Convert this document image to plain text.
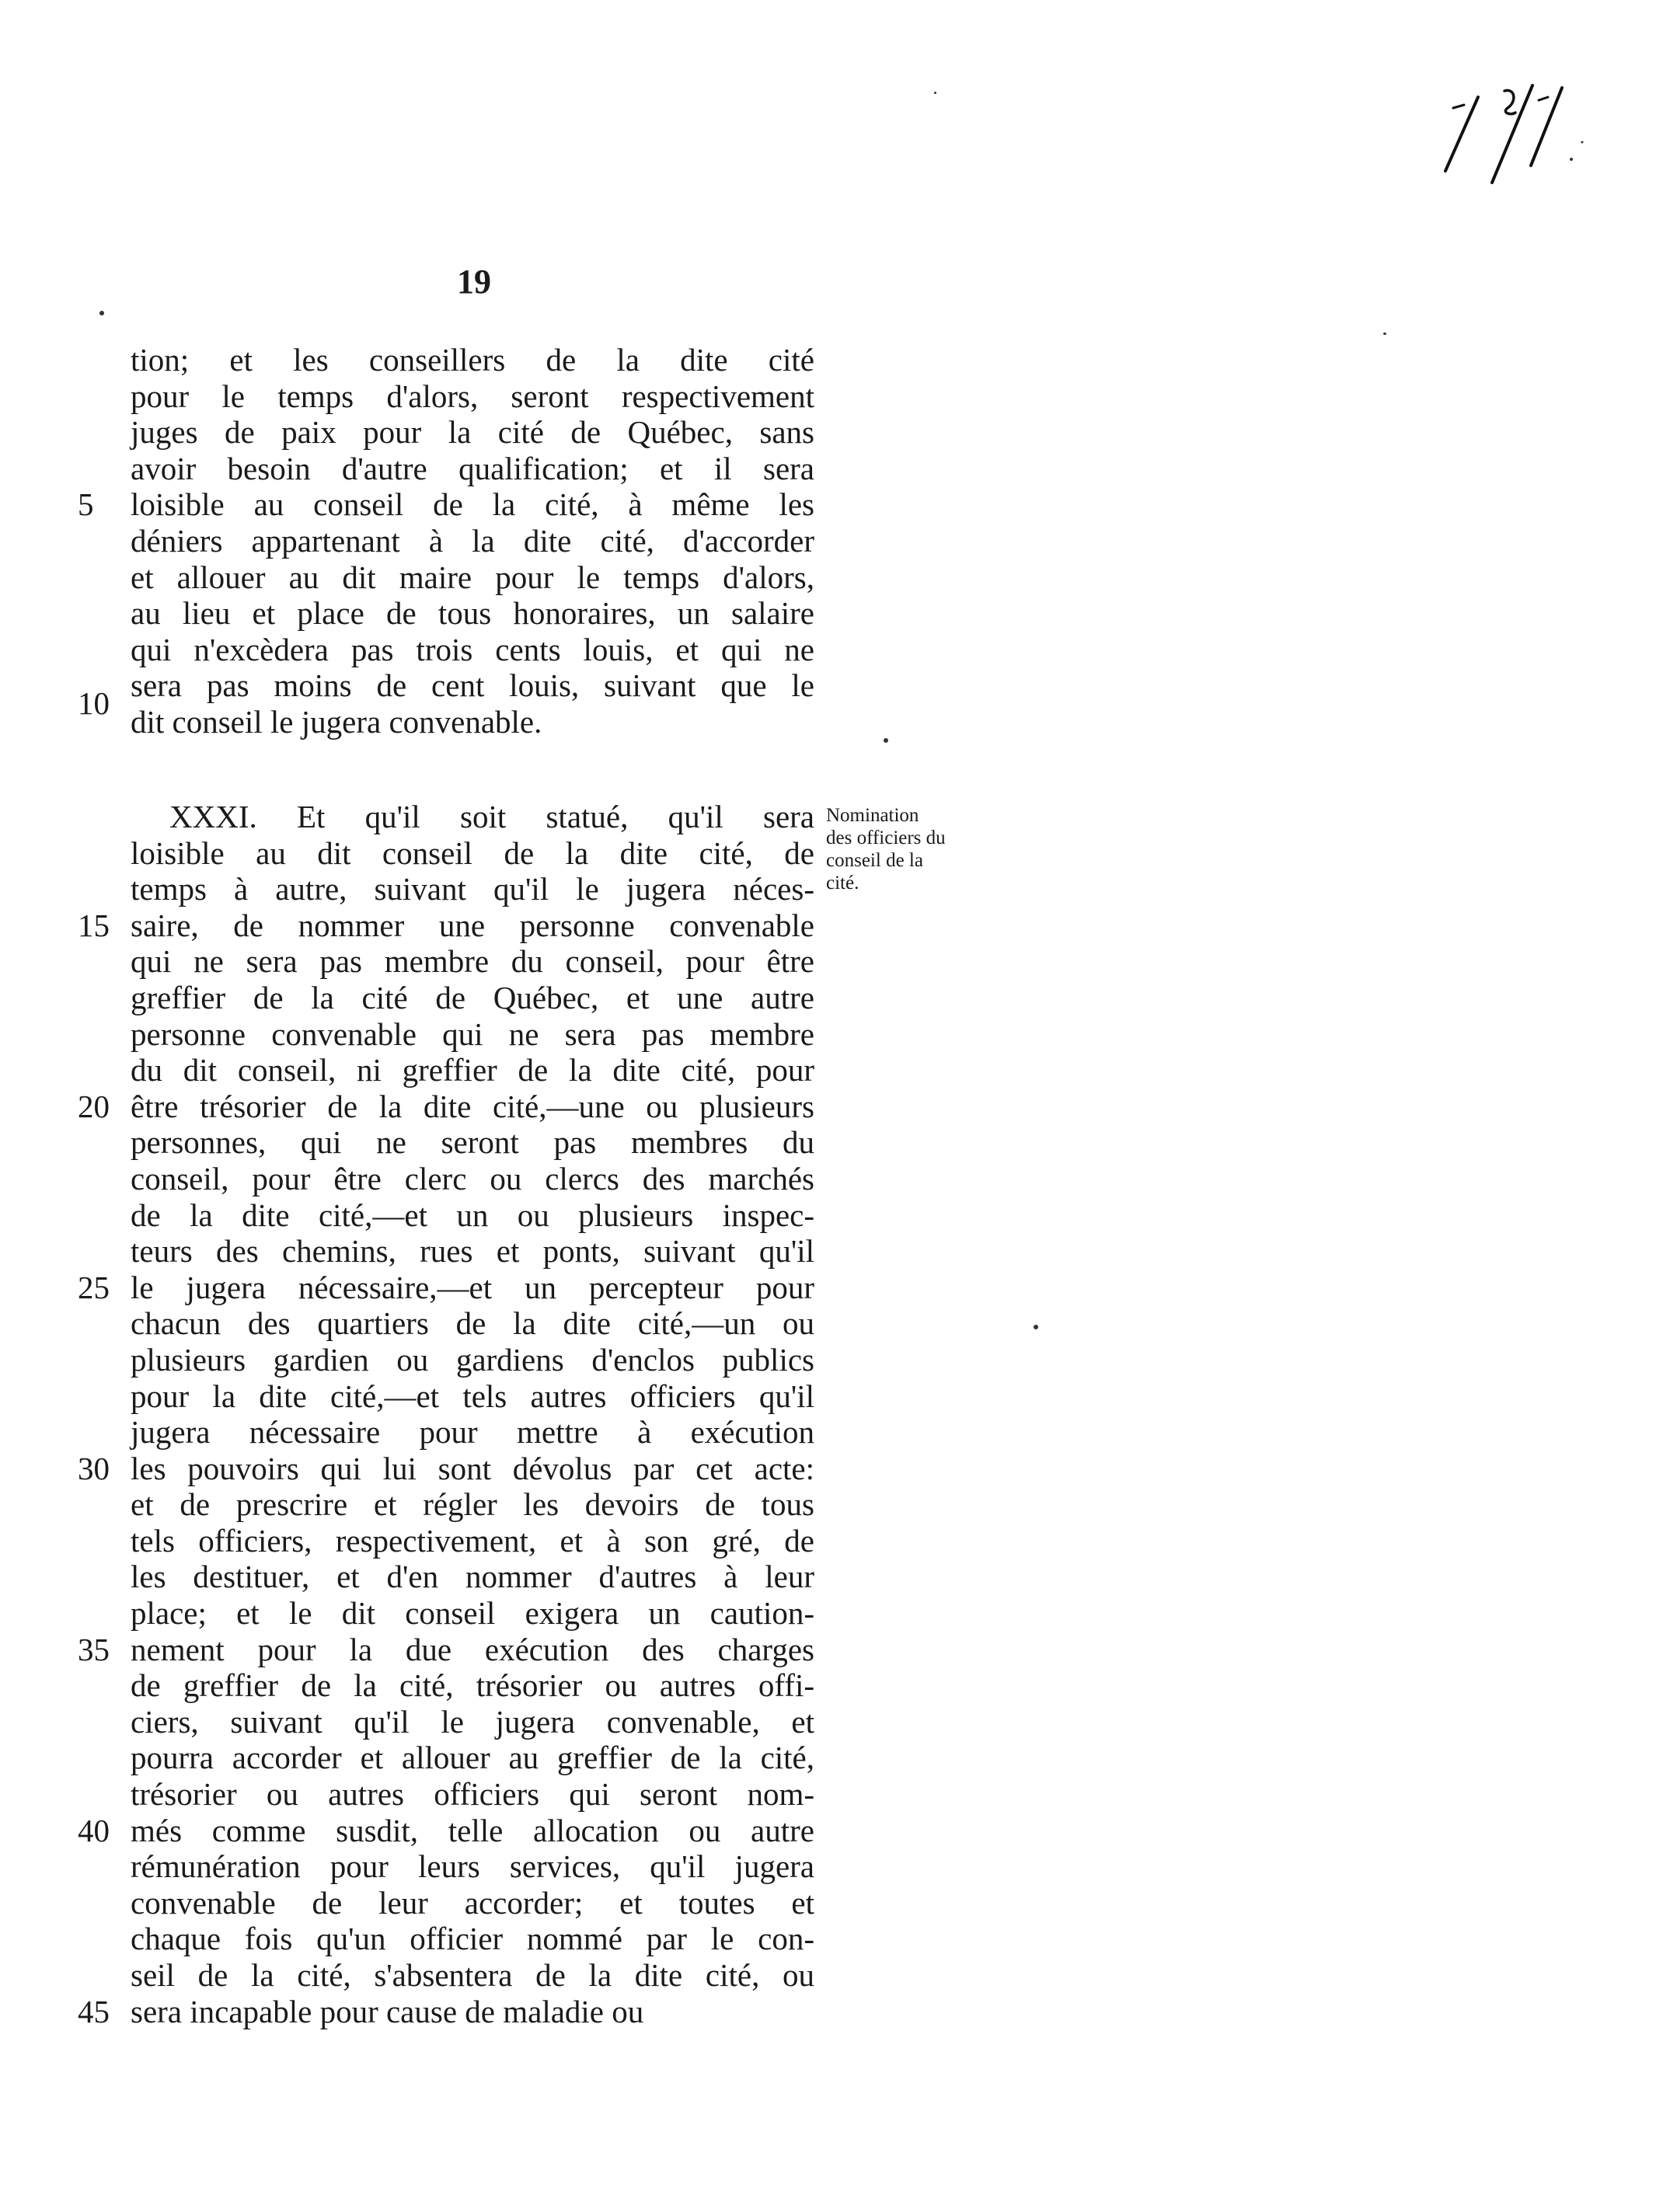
19
tion; et les conseillers de la dite cité
pour le temps d'alors, seront respectivement
juges de paix pour la cité de Québec, sans
avoir besoin d'autre qualification; et il sera
loisible au conseil de la cité, à même les
déniers appartenant à la dite cité, d'accorder
et allouer au dit maire pour le temps d'alors,
au lieu et place de tous honoraires, un salaire
qui n'excèdera pas trois cents louis, et qui ne
sera pas moins de cent louis, suivant que le
dit conseil le jugera convenable.
XXXI. Et qu'il soit statué, qu'il sera
loisible au dit conseil de la dite cité, de
temps à autre, suivant qu'il le jugera néces-
saire, de nommer une personne convenable
qui ne sera pas membre du conseil, pour être
greffier de la cité de Québec, et une autre
personne convenable qui ne sera pas membre
du dit conseil, ni greffier de la dite cité, pour
être trésorier de la dite cité,—une ou plusieurs
personnes, qui ne seront pas membres du
conseil, pour être clerc ou clercs des marchés
de la dite cité,—et un ou plusieurs inspec-
teurs des chemins, rues et ponts, suivant qu'il
le jugera nécessaire,—et un percepteur pour
chacun des quartiers de la dite cité,—un ou
plusieurs gardien ou gardiens d'enclos publics
pour la dite cité,—et tels autres officiers qu'il
jugera nécessaire pour mettre à exécution
les pouvoirs qui lui sont dévolus par cet acte:
et de prescrire et régler les devoirs de tous
tels officiers, respectivement, et à son gré, de
les destituer, et d'en nommer d'autres à leur
place; et le dit conseil exigera un caution-
nement pour la due exécution des charges
de greffier de la cité, trésorier ou autres offi-
ciers, suivant qu'il le jugera convenable, et
pourra accorder et allouer au greffier de la cité,
trésorier ou autres officiers qui seront nom-
més comme susdit, telle allocation ou autre
rémunération pour leurs services, qu'il jugera
convenable de leur accorder; et toutes et
chaque fois qu'un officier nommé par le con-
seil de la cité, s'absentera de la dite cité, ou
sera incapable pour cause de maladie ou
5
10
15
20
25
30
35
40
45
Nomination
des officiers du
conseil de la
cité.
